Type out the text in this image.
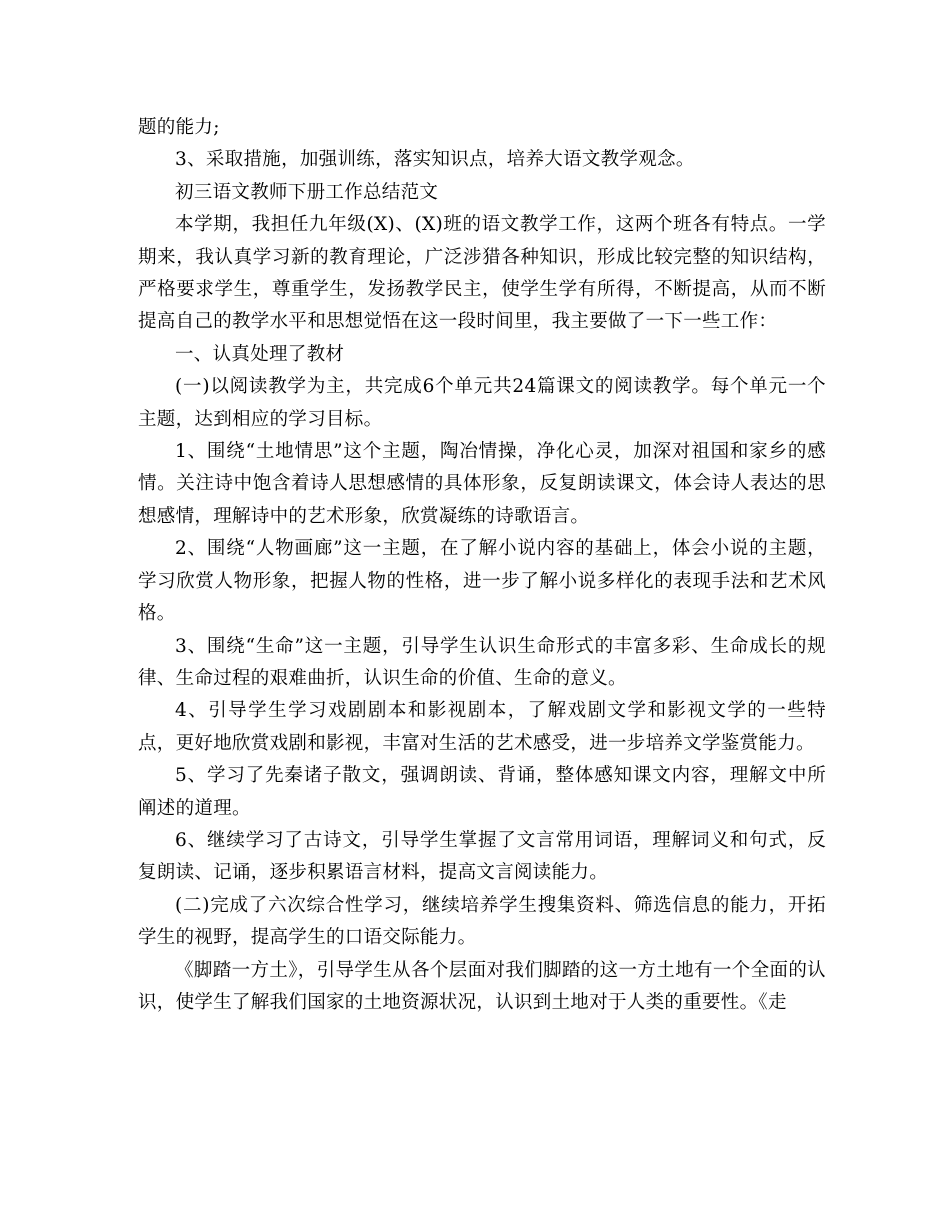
题的能力;

3、采取措施，加强训练，落实知识点，培养大语文教学观念。

初三语文教师下册工作总结范文

本学期，我担任九年级(X)、(X)班的语文教学工作，这两个班各有特点。一学期来，我认真学习新的教育理论，广泛涉猎各种知识，形成比较完整的知识结构，严格要求学生，尊重学生，发扬教学民主，使学生学有所得，不断提高，从而不断提高自己的教学水平和思想觉悟在这一段时间里，我主要做了一下一些工作：

一、认真处理了教材

(一)以阅读教学为主，共完成6个单元共24篇课文的阅读教学。每个单元一个主题，达到相应的学习目标。

1、围绕“土地情思”这个主题，陶冶情操，净化心灵，加深对祖国和家乡的感情。关注诗中饱含着诗人思想感情的具体形象，反复朗读课文，体会诗人表达的思想感情，理解诗中的艺术形象，欣赏凝练的诗歌语言。

2、围绕“人物画廊”这一主题，在了解小说内容的基础上，体会小说的主题，学习欣赏人物形象，把握人物的性格，进一步了解小说多样化的表现手法和艺术风格。

3、围绕“生命”这一主题，引导学生认识生命形式的丰富多彩、生命成长的规律、生命过程的艰难曲折，认识生命的价值、生命的意义。

4、引导学生学习戏剧剧本和影视剧本，了解戏剧文学和影视文学的一些特点，更好地欣赏戏剧和影视，丰富对生活的艺术感受，进一步培养文学鉴赏能力。

5、学习了先秦诸子散文，强调朗读、背诵，整体感知课文内容，理解文中所阐述的道理。

6、继续学习了古诗文，引导学生掌握了文言常用词语，理解词义和句式，反复朗读、记诵，逐步积累语言材料，提高文言阅读能力。

(二)完成了六次综合性学习，继续培养学生搜集资料、筛选信息的能力，开拓学生的视野，提高学生的口语交际能力。

《脚踏一方土》，引导学生从各个层面对我们脚踏的这一方土地有一个全面的认识，使学生了解我们国家的土地资源状况，认识到土地对于人类的重要性。《走
